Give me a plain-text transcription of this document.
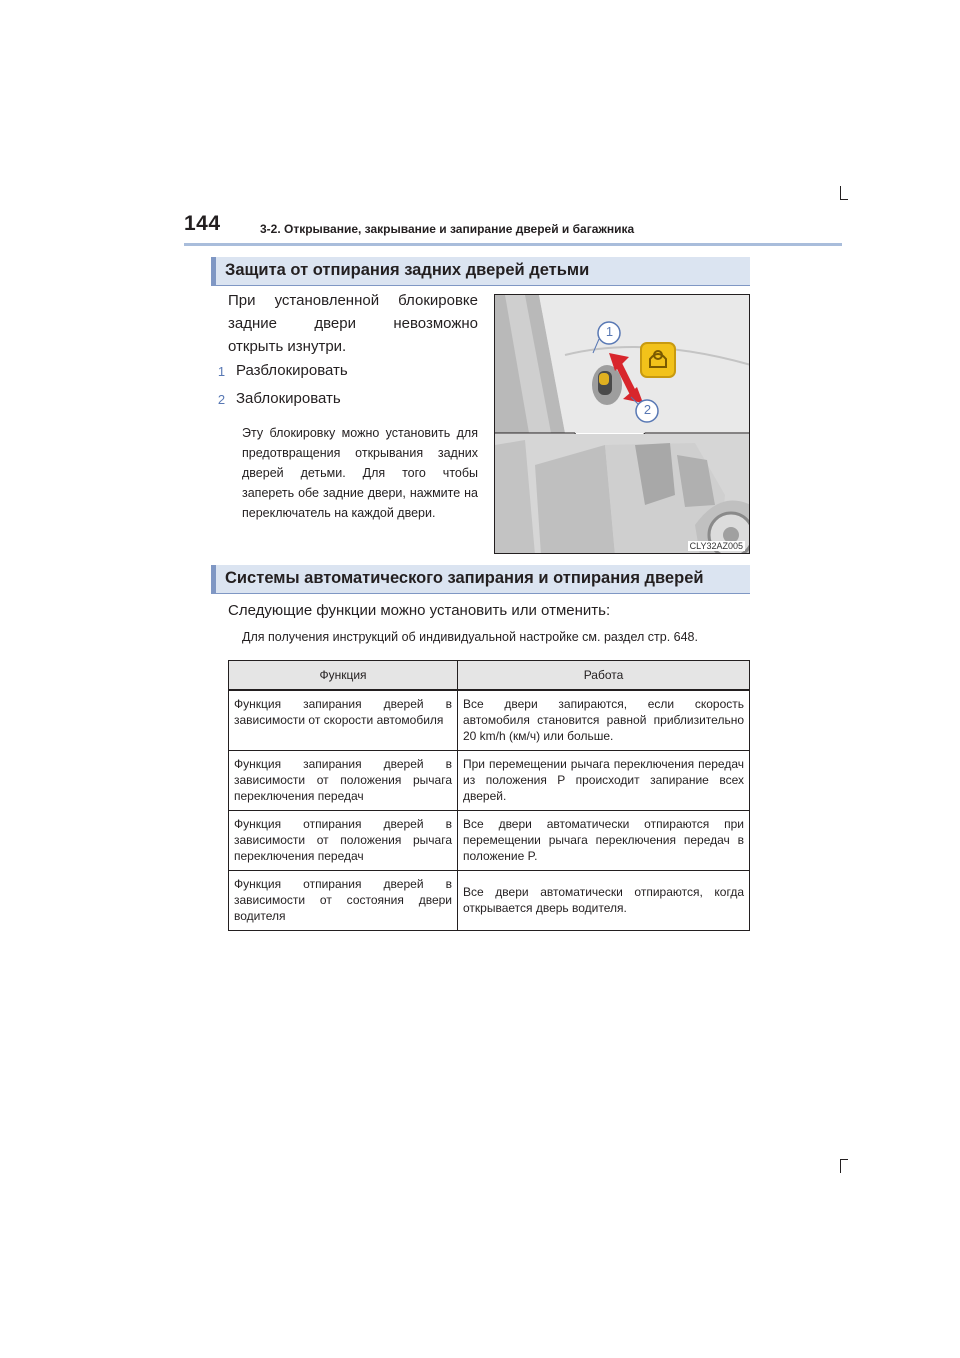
144	3-2. Открывание, закрывание и запирание дверей и багажника
Защита от отпирания задних дверей детьми
При установленной блокировке
задние двери невозможно
открыть изнутри.
1 Разблокировать
2 Заблокировать
Эту блокировку можно установить для предотвращения открывания задних дверей детьми. Для того чтобы запереть обе задние двери, нажмите на переключатель на каждой двери.
1
2
CLY32AZ005
Системы автоматического запирания и отпирания дверей
Следующие функции можно установить или отменить:
Для получения инструкций об индивидуальной настройке см. раздел стр. 648.
Функция	Работа
Функция запирания дверей в зависимости от скорости автомобиля	Все двери запираются, если скорость автомобиля становится равной приблизительно 20 km/h (км/ч) или больше.
Функция запирания дверей в зависимости от положения рычага переключения передач	При перемещении рычага переключения передач из положения P происходит запирание всех дверей.
Функция отпирания дверей в зависимости от положения рычага переключения передач	Все двери автоматически отпираются при перемещении рычага переключения передач в положение P.
Функция отпирания дверей в зависимости от состояния двери водителя	Все двери автоматически отпираются, когда открывается дверь водителя.
